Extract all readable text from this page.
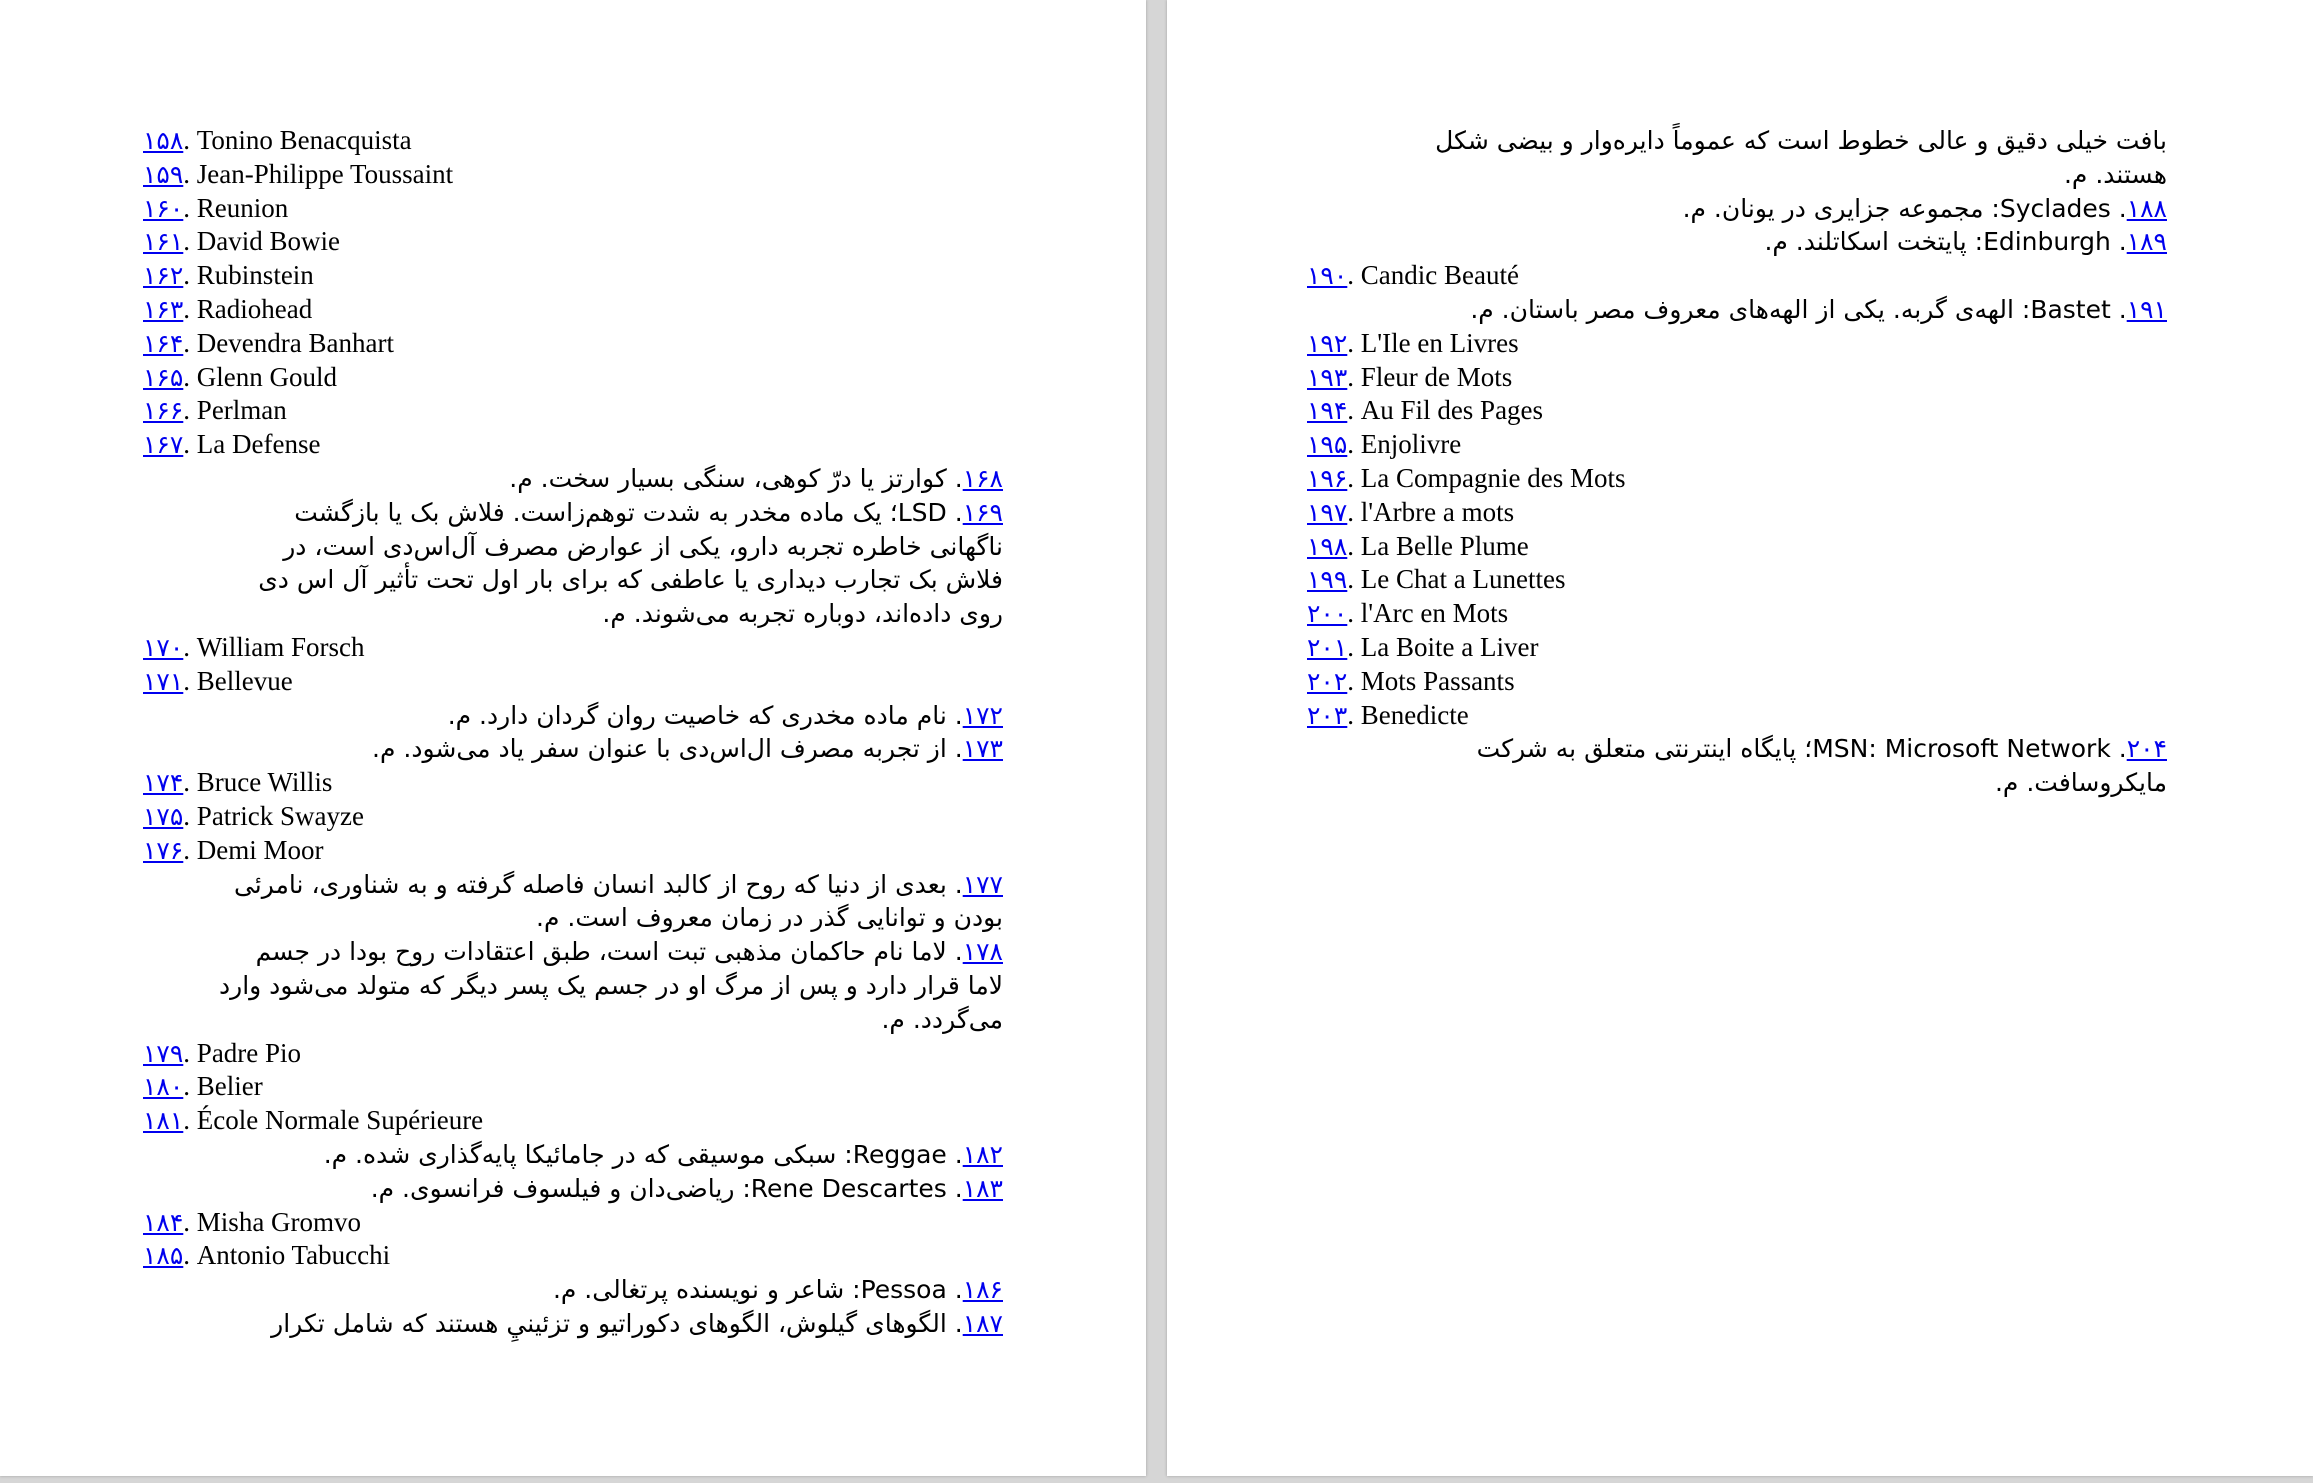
۱۵۸. Tonino Benacquista
۱۵۹. Jean-Philippe Toussaint
۱۶۰. Reunion
۱۶۱. David Bowie
۱۶۲. Rubinstein
۱۶۳. Radiohead
۱۶۴. Devendra Banhart
۱۶۵. Glenn Gould
۱۶۶. Perlman
۱۶۷. La Defense
۱۶۸. کوارتز یا درّ کوهی، سنگی بسیار سخت. م.
۱۶۹. LSD؛ یک ماده مخدر به شدت توهم‌زاست. فلاش بک یا بازگشت
ناگهانی خاطره تجربه دارو، یکی از عوارض مصرف آل‌اس‌دی است، در
فلاش بک تجارب دیداری یا عاطفی که برای بار اول تحت تأثیر آل اس دی
روی داده‌اند، دوباره تجربه می‌شوند. م.
۱۷۰. William Forsch
۱۷۱. Bellevue
۱۷۲. نام ماده مخدری که خاصیت روان گردان دارد. م.
۱۷۳. از تجربه مصرف ال‌اس‌دی با عنوان سفر یاد می‌شود. م.
۱۷۴. Bruce Willis
۱۷۵. Patrick Swayze
۱۷۶. Demi Moor
۱۷۷. بعدی از دنیا که روح از کالبد انسان فاصله گرفته و به شناوری، نامرئی
بودن و توانایی گذر در زمان معروف است. م.
۱۷۸. لاما نام حاکمان مذهبی تبت است، طبق اعتقادات روح بودا در جسم
لاما قرار دارد و پس از مرگ او در جسم یک پسر دیگر که متولد می‌شود وارد
می‌گردد. م.
۱۷۹. Padre Pio
۱۸۰. Belier
۱۸۱. École Normale Supérieure
۱۸۲. Reggae: سبکی موسیقی که در جامائیکا پایه‌گذاری شده. م.
۱۸۳. Rene Descartes: ریاضی‌دان و فیلسوف فرانسوی. م.
۱۸۴. Misha Gromvo
۱۸۵. Antonio Tabucchi
۱۸۶. Pessoa: شاعر و نویسنده پرتغالی. م.
۱۸۷. الگوهای گیلوش، الگوهای دکوراتیو و تزئینيِ هستند که شامل تکرار
بافت خیلی دقیق و عالی خطوط است که عموماً دایره‌وار و بیضی شکل
هستند. م.
۱۸۸. Syclades: مجموعه جزایری در یونان. م.
۱۸۹. Edinburgh: پایتخت اسکاتلند. م.
۱۹۰. Candic Beauté
۱۹۱. Bastet: الهه‌ی گربه. یکی از الهه‌های معروف مصر باستان. م.
۱۹۲. L'Ile en Livres
۱۹۳. Fleur de Mots
۱۹۴. Au Fil des Pages
۱۹۵. Enjolivre
۱۹۶. La Compagnie des Mots
۱۹۷. l'Arbre a mots
۱۹۸. La Belle Plume
۱۹۹. Le Chat a Lunettes
۲۰۰. l'Arc en Mots
۲۰۱. La Boite a Liver
۲۰۲. Mots Passants
۲۰۳. Benedicte
۲۰۴. MSN: Microsoft Network؛ پایگاه اینترنتی متعلق به شرکت
مایکروسافت. م.
